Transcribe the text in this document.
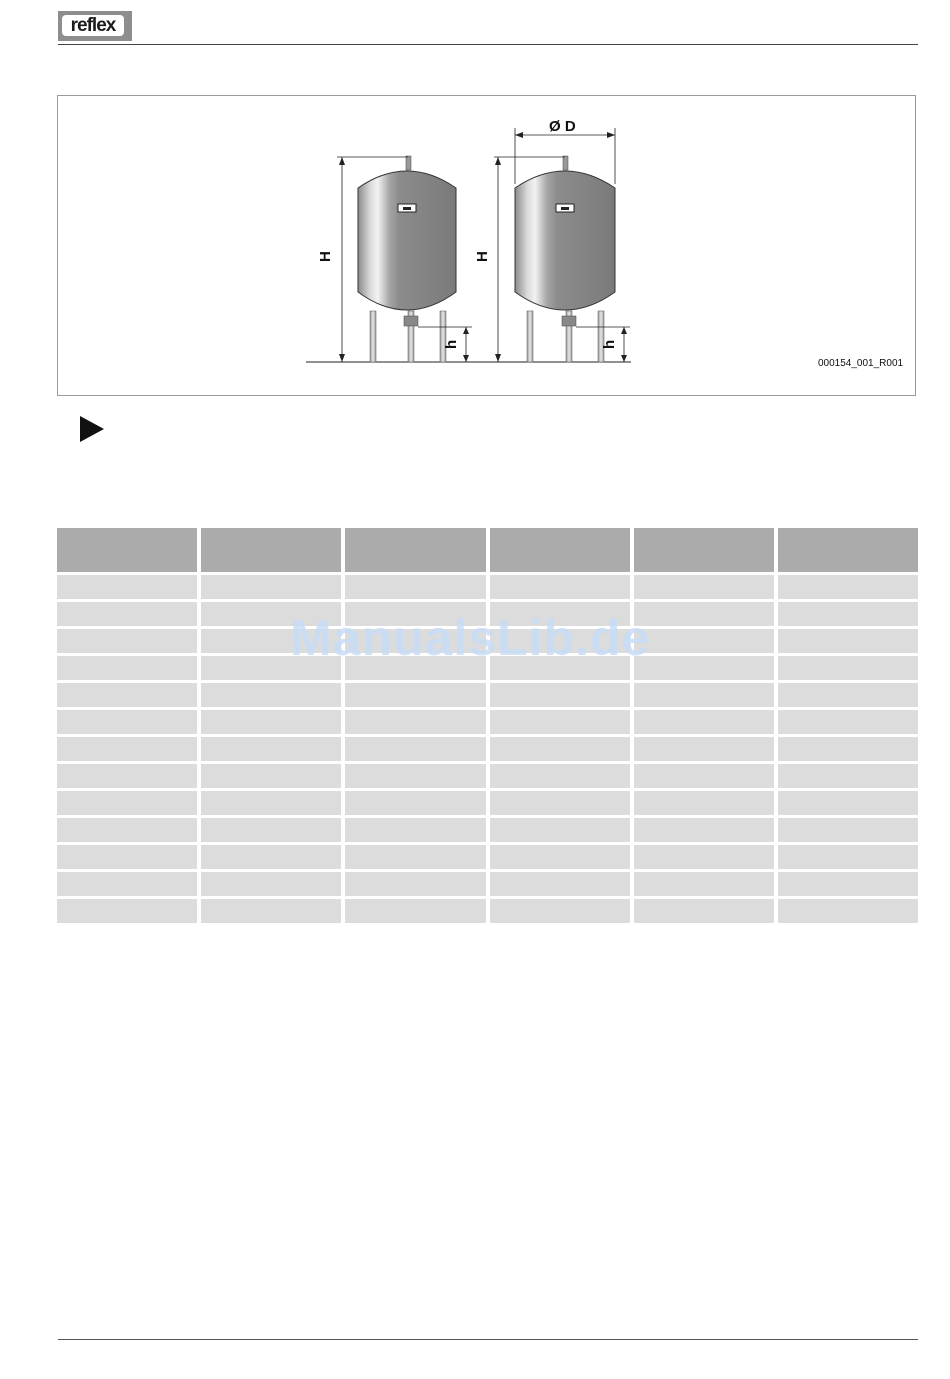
reflex
H
h
H
h
Ø D
000154_001_R001
ManualsLib.de
